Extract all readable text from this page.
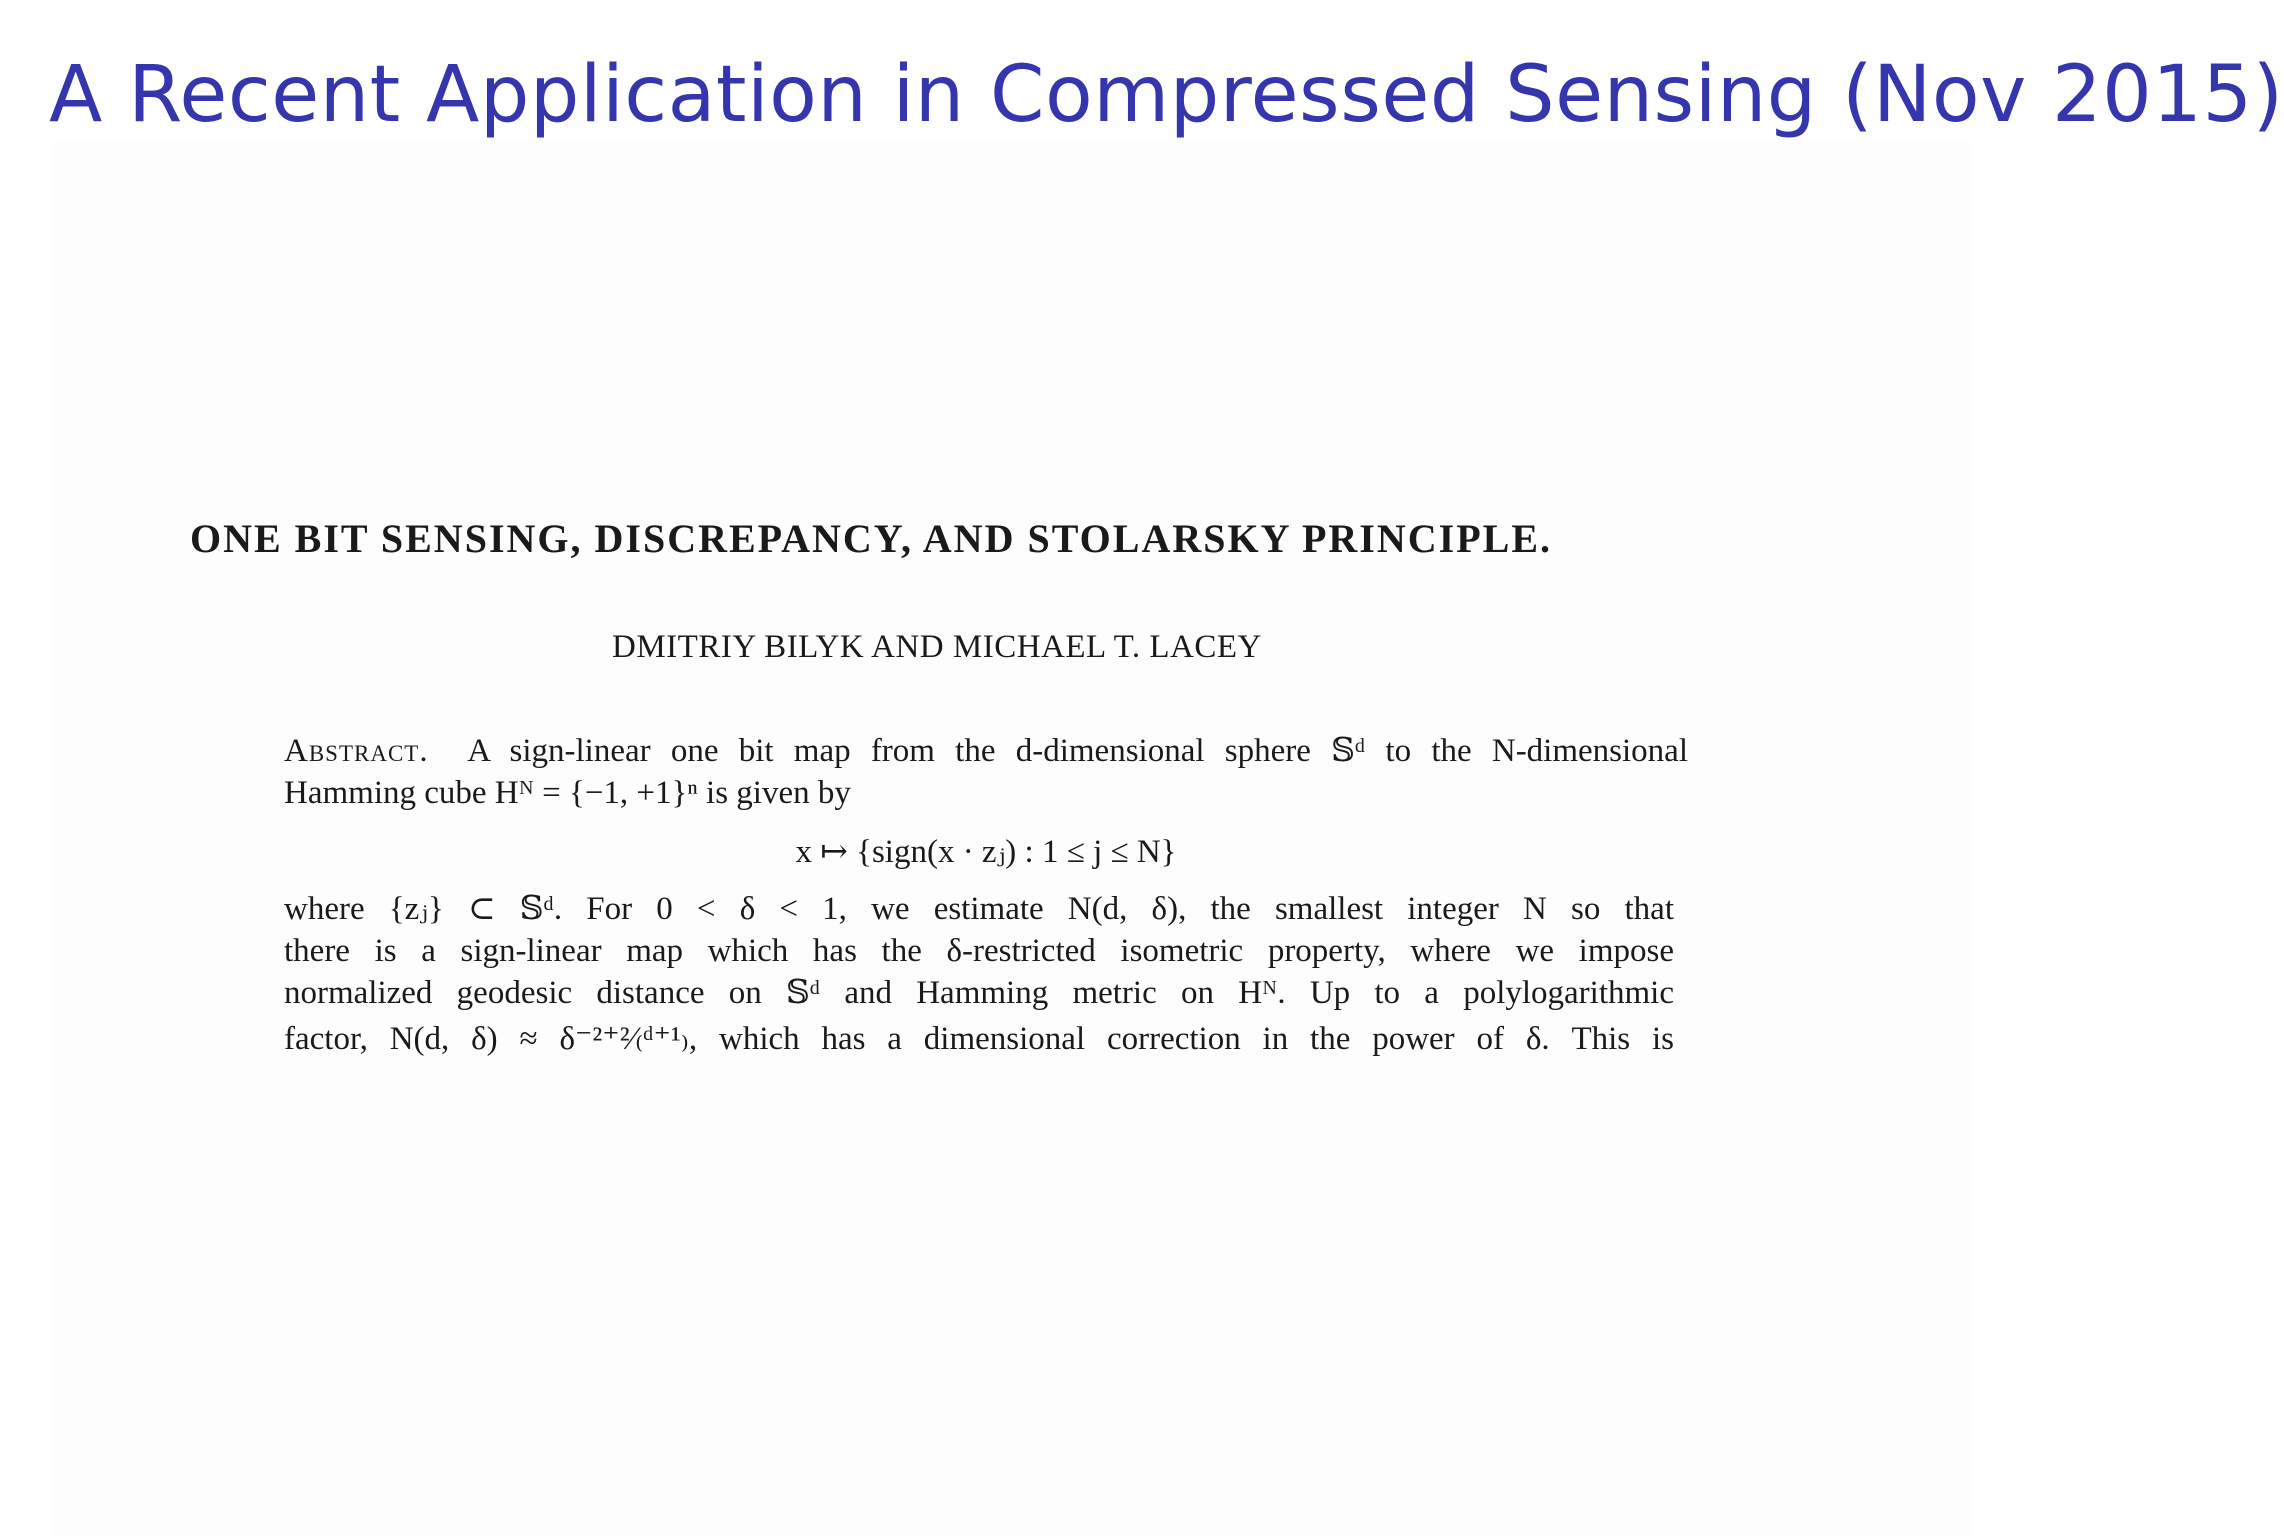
A Recent Application in Compressed Sensing (Nov 2015)
ONE BIT SENSING, DISCREPANCY, AND STOLARSKY PRINCIPLE.
DMITRIY BILYK AND MICHAEL T. LACEY
Abstract. A sign-linear one bit map from the d-dimensional sphere 𝕊ᵈ to the N-dimensional
Hamming cube Hᴺ = {−1, +1}ⁿ is given by
x ↦ {sign(x · zⱼ) : 1 ≤ j ≤ N}
where {zⱼ} ⊂ 𝕊ᵈ. For 0 < δ < 1, we estimate N(d, δ), the smallest integer N so that
there is a sign-linear map which has the δ-restricted isometric property, where we impose
normalized geodesic distance on 𝕊ᵈ and Hamming metric on Hᴺ. Up to a polylogarithmic
factor, N(d, δ) ≈ δ⁻²⁺²⁄₍ᵈ⁺¹₎, which has a dimensional correction in the power of δ. This is
